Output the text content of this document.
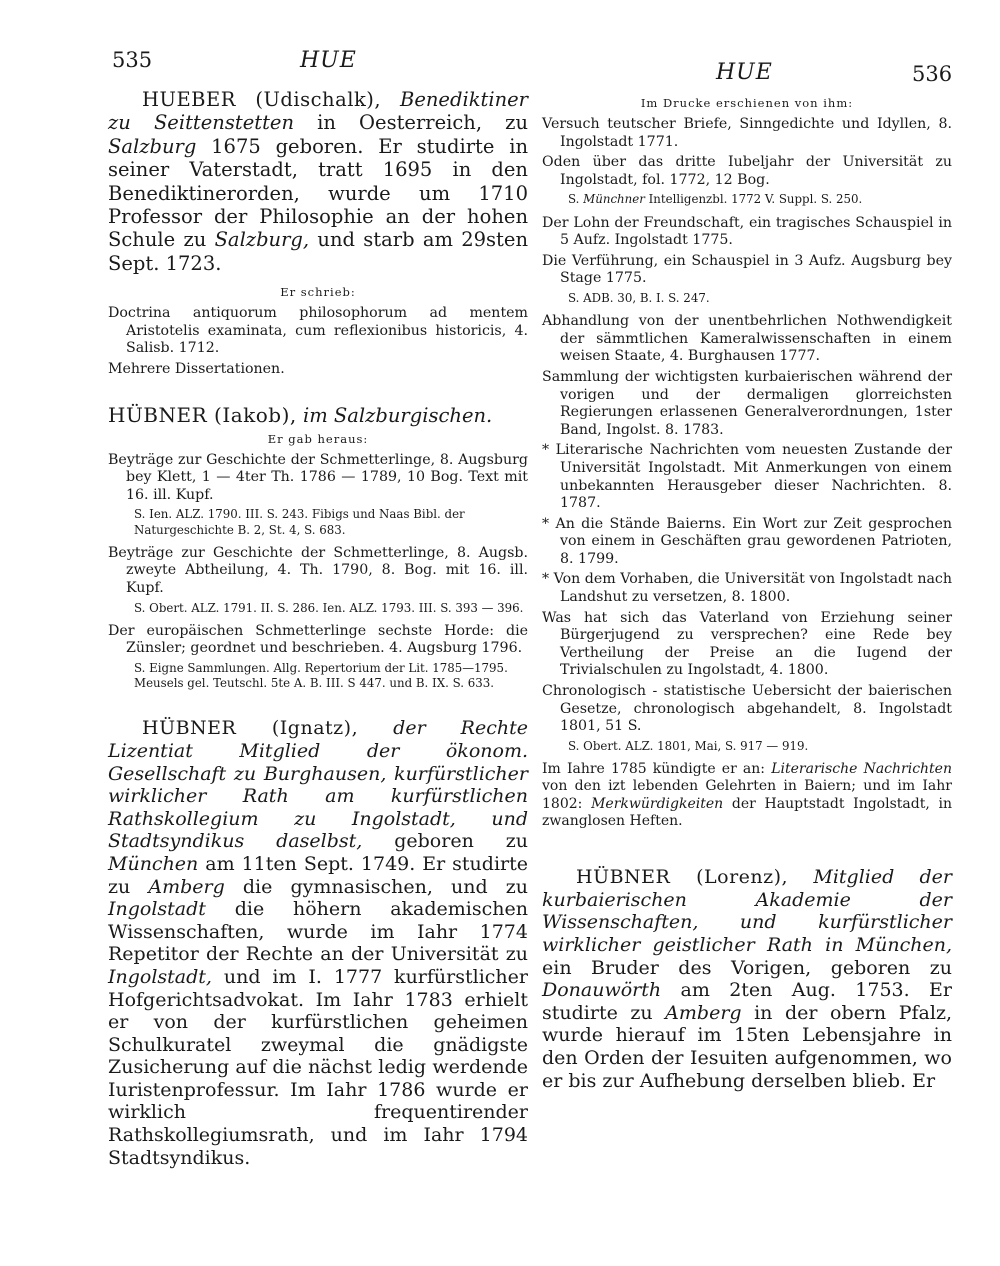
535	HUE	HUE	536

HUEBER (Udischalk), Benediktiner zu Seittenstetten in Oesterreich, zu Salzburg 1675 geboren. Er studirte in seiner Vaterstadt, tratt 1695 in den Benediktinerorden, wurde um 1710 Professor der Philosophie an der hohen Schule zu Salzburg, und starb am 29sten Sept. 1723.

Er schrieb:

Doctrina antiquorum philosophorum ad mentem Aristotelis examinata, cum reflexionibus historicis, 4. Salisb. 1712.

Mehrere Dissertationen.

HÜBNER (Iakob), im Salzburgischen.

Er gab heraus:

Beyträge zur Geschichte der Schmetterlinge, 8. Augsburg bey Klett, 1 — 4ter Th. 1786 — 1789, 10 Bog. Text mit 16. ill. Kupf.

S. Ien. ALZ. 1790. III. S. 243. Fibigs und Naas Bibl. der Naturgeschichte B. 2, St. 4, S. 683.

Beyträge zur Geschichte der Schmetterlinge, 8. Augsb. zweyte Abtheilung, 4. Th. 1790, 8. Bog. mit 16. ill. Kupf.

S. Obert. ALZ. 1791. II. S. 286. Ien. ALZ. 1793. III. S. 393 — 396.

Der europäischen Schmetterlinge sechste Horde: die Zünsler; geordnet und beschrieben. 4. Augsburg 1796.

S. Eigne Sammlungen. Allg. Repertorium der Lit. 1785—1795. Meusels gel. Teutschl. 5te A. B. III. S 447. und B. IX. S. 633.

HÜBNER (Ignatz), der Rechte Lizentiat Mitglied der ökonom. Gesellschaft zu Burghausen, kurfürstlicher wirklicher Rath am kurfürstlichen Rathskollegium zu Ingolstadt, und Stadtsyndikus daselbst, geboren zu München am 11ten Sept. 1749. Er studirte zu Amberg die gymnasischen, und zu Ingolstadt die höhern akademischen Wissenschaften, wurde im Iahr 1774 Repetitor der Rechte an der Universität zu Ingolstadt, und im I. 1777 kurfürstlicher Hofgerichtsadvokat. Im Iahr 1783 erhielt er von der kurfürstlichen geheimen Schulkuratel zweymal die gnädigste Zusicherung auf die nächst ledig werdende Iuristenprofessur. Im Iahr 1786 wurde er wirklich frequentirender Rathskollegiumsrath, und im Iahr 1794 Stadtsyndikus.

Im Drucke erschienen von ihm:

Versuch teutscher Briefe, Sinngedichte und Idyllen, 8. Ingolstadt 1771.

Oden über das dritte Iubeljahr der Universität zu Ingolstadt, fol. 1772, 12 Bog.

S. Münchner Intelligenzbl. 1772 V. Suppl. S. 250.

Der Lohn der Freundschaft, ein tragisches Schauspiel in 5 Aufz. Ingolstadt 1775.

Die Verführung, ein Schauspiel in 3 Aufz. Augsburg bey Stage 1775.

S. ADB. 30, B. I. S. 247.

Abhandlung von der unentbehrlichen Nothwendigkeit der sämmtlichen Kameralwissenschaften in einem weisen Staate, 4. Burghausen 1777.

Sammlung der wichtigsten kurbaierischen während der vorigen und der dermaligen glorreichsten Regierungen erlassenen Generalverordnungen, 1ster Band, Ingolst. 8. 1783.

* Literarische Nachrichten vom neuesten Zustande der Universität Ingolstadt. Mit Anmerkungen von einem unbekannten Herausgeber dieser Nachrichten. 8. 1787.

* An die Stände Baierns. Ein Wort zur Zeit gesprochen von einem in Geschäften grau gewordenen Patrioten, 8. 1799.

* Von dem Vorhaben, die Universität von Ingolstadt nach Landshut zu versetzen, 8. 1800.

Was hat sich das Vaterland von Erziehung seiner Bürgerjugend zu versprechen? eine Rede bey Vertheilung der Preise an die Iugend der Trivialschulen zu Ingolstadt, 4. 1800.

Chronologisch - statistische Uebersicht der baierischen Gesetze, chronologisch abgehandelt, 8. Ingolstadt 1801, 51 S.

S. Obert. ALZ. 1801, Mai, S. 917 — 919.

Im Iahre 1785 kündigte er an: Literarische Nachrichten von den izt lebenden Gelehrten in Baiern; und im Iahr 1802: Merkwürdigkeiten der Hauptstadt Ingolstadt, in zwanglosen Heften.

HÜBNER (Lorenz), Mitglied der kurbaierischen Akademie der Wissenschaften, und kurfürstlicher wirklicher geistlicher Rath in München, ein Bruder des Vorigen, geboren zu Donauwörth am 2ten Aug. 1753. Er studirte zu Amberg in der obern Pfalz, wurde hierauf im 15ten Lebensjahre in den Orden der Iesuiten aufgenommen, wo er bis zur Aufhebung derselben blieb. Er
